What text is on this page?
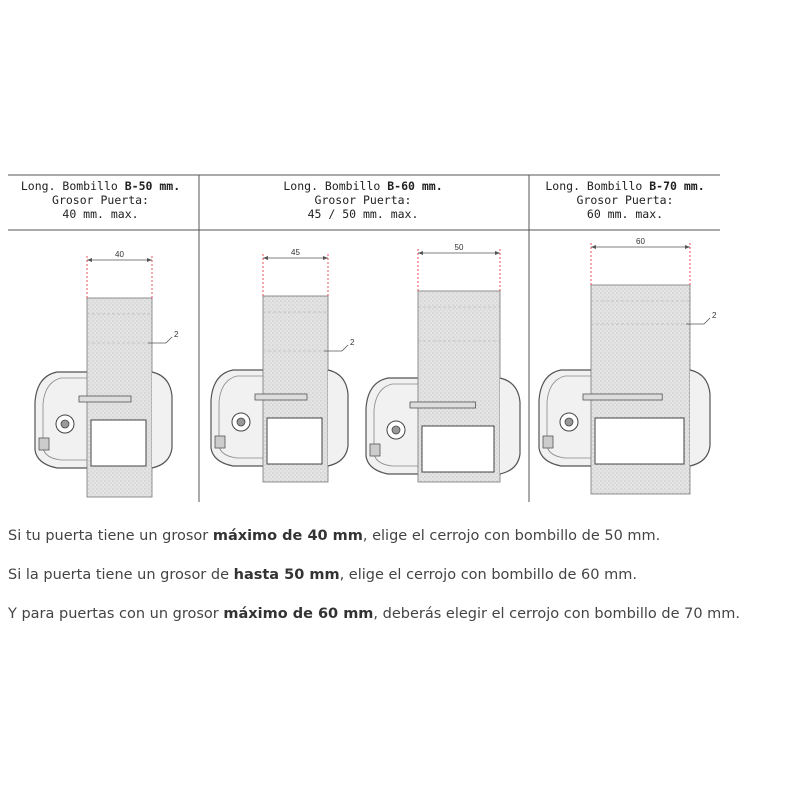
40
2
45
2
50
60
2
Long. Bombillo B-50 mm.
Grosor Puerta:
40 mm. max.
Long. Bombillo B-60 mm.
Grosor Puerta:
45 / 50 mm. max.
Long. Bombillo B-70 mm.
Grosor Puerta:
60 mm. max.

Si tu puerta tiene un grosor máximo de 40 mm, elige el cerrojo con bombillo de 50 mm.

Si la puerta tiene un grosor de hasta 50 mm, elige el cerrojo con bombillo de 60 mm.

Y para puertas con un grosor máximo de 60 mm, deberás elegir el cerrojo con bombillo de 70 mm.
